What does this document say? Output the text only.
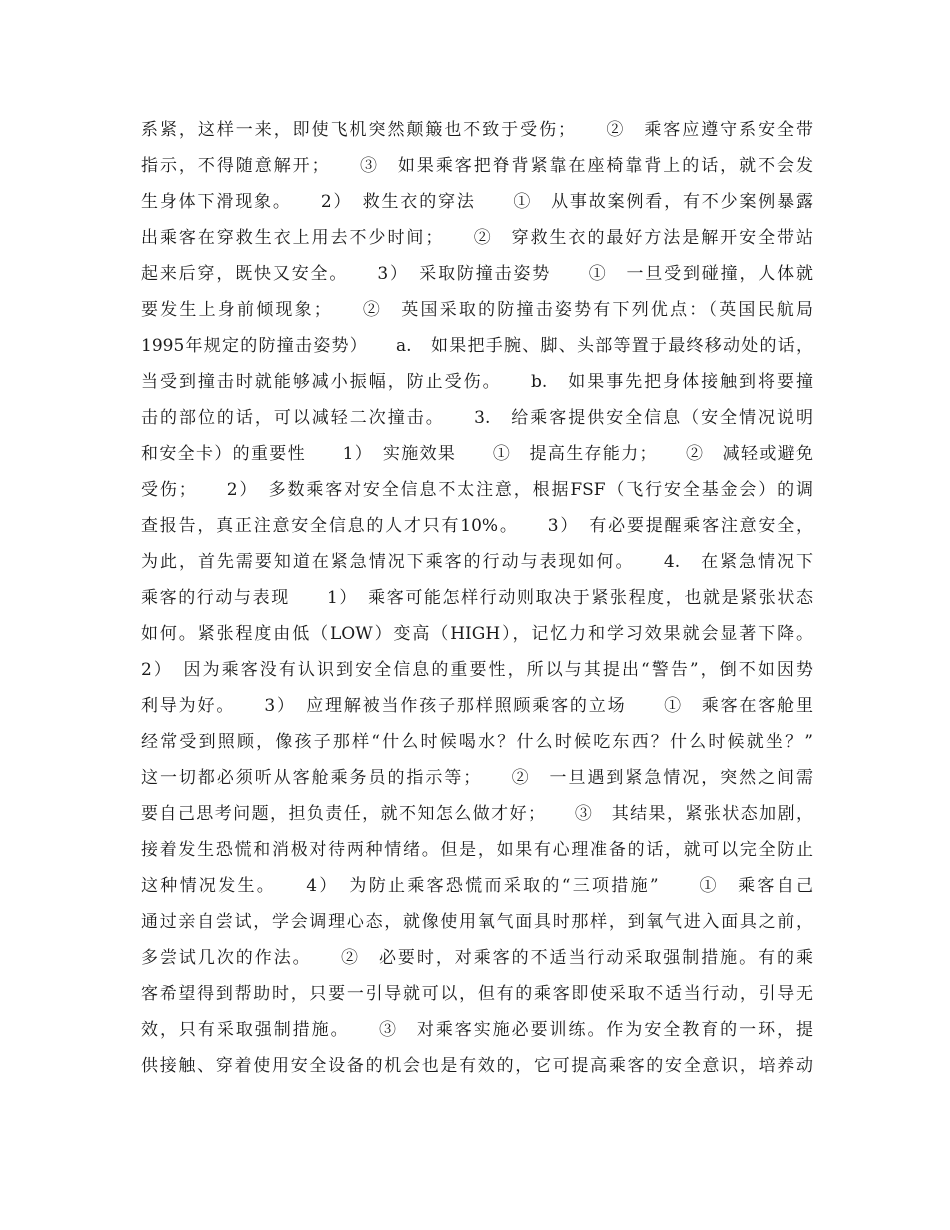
系紧，这样一来，即使飞机突然颠簸也不致于受伤；　　②　乘客应遵守系安全带
指示，不得随意解开；　　③　如果乘客把脊背紧靠在座椅靠背上的话，就不会发
生身体下滑现象。　　2）　救生衣的穿法　　①　从事故案例看，有不少案例暴露
出乘客在穿救生衣上用去不少时间；　　②　穿救生衣的最好方法是解开安全带站
起来后穿，既快又安全。　　3）　采取防撞击姿势　　①　一旦受到碰撞，人体就
要发生上身前倾现象；　　②　英国采取的防撞击姿势有下列优点：（英国民航局
1995年规定的防撞击姿势）　　a.　如果把手腕、脚、头部等置于最终移动处的话，
当受到撞击时就能够减小振幅，防止受伤。　　b.　如果事先把身体接触到将要撞
击的部位的话，可以减轻二次撞击。　　3.　给乘客提供安全信息（安全情况说明
和安全卡）的重要性　　1）　实施效果　　①　提高生存能力；　　②　减轻或避免
受伤；　　2）　多数乘客对安全信息不太注意，根据FSF（飞行安全基金会）的调
查报告，真正注意安全信息的人才只有10%。　　3）　有必要提醒乘客注意安全，
为此，首先需要知道在紧急情况下乘客的行动与表现如何。　　4.　在紧急情况下
乘客的行动与表现　　1）　乘客可能怎样行动则取决于紧张程度，也就是紧张状态
如何。紧张程度由低（LOW）变高（HIGH），记忆力和学习效果就会显著下降。
2）　因为乘客没有认识到安全信息的重要性，所以与其提出“警告”，倒不如因势
利导为好。　　3）　应理解被当作孩子那样照顾乘客的立场　　①　乘客在客舱里
经常受到照顾，像孩子那样“什么时候喝水？什么时候吃东西？什么时候就坐？”
这一切都必须听从客舱乘务员的指示等；　　②　一旦遇到紧急情况，突然之间需
要自己思考问题，担负责任，就不知怎么做才好；　　③　其结果，紧张状态加剧，
接着发生恐慌和消极对待两种情绪。但是，如果有心理准备的话，就可以完全防止
这种情况发生。　　4）　为防止乘客恐慌而采取的“三项措施”　　①　乘客自己
通过亲自尝试，学会调理心态，就像使用氧气面具时那样，到氧气进入面具之前，
多尝试几次的作法。　　②　必要时，对乘客的不适当行动采取强制措施。有的乘
客希望得到帮助时，只要一引导就可以，但有的乘客即使采取不适当行动，引导无
效，只有采取强制措施。　　③　对乘客实施必要训练。作为安全教育的一环，提
供接触、穿着使用安全设备的机会也是有效的，它可提高乘客的安全意识，培养动
